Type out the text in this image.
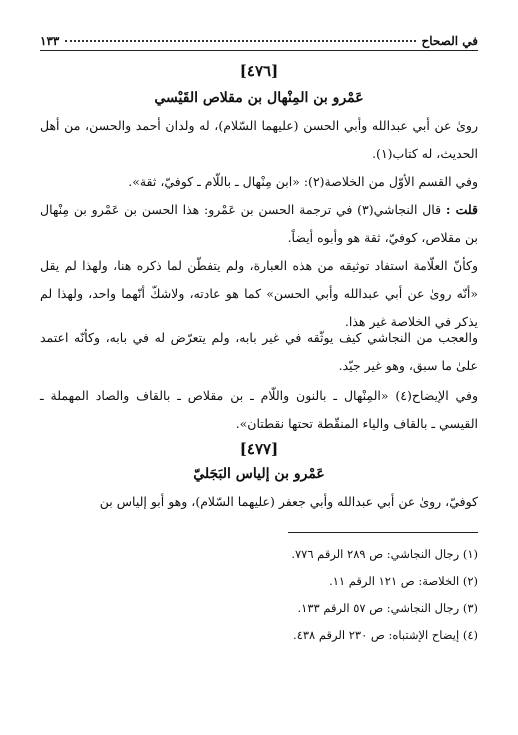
في الصحاح
١٣٣
[٤٧٦]
عَمْرو بن المِنْهال بن مقلاص القَيْسي
روىٰ عن أبي عبدالله وأبي الحسن (عليهما السّلام)، له ولدان أحمد والحسن، من أهل الحديث، له كتاب(١).
وفي القسم الأوّل من الخلاصة(٢): «ابن مِنْهال ـ باللّام ـ كوفيّ، ثقة».
قلت : قال النجاشي(٣) في ترجمة الحسن بن عَمْرو: هذا الحسن بن عَمْرو بن مِنْهال بن مقلاص، كوفيّ، ثقة هو وأبوه أيضاً.
وكأنّ العلّامة استفاد توثيقه من هذه العبارة، ولم يتفطّن لما ذكره هنا، ولهذا لم يقل «أنّه روىٰ عن أبي عبدالله وأبي الحسن» كما هو عادته، ولاشكّ أنّهما واحد، ولهذا لم يذكر في الخلاصة غير هذا.
والعجب من النجاشي كيف يوثّقه في غير بابه، ولم يتعرّض له في بابه، وكأنّه اعتمد علىٰ ما سبق، وهو غير جيّد.
وفي الإيضاح(٤) «المِنْهال ـ بالنون واللّام ـ بن مقلاص ـ بالقاف والصاد المهملة ـ القيسي ـ بالقاف والياء المنقّطة تحتها نقطتان».
[٤٧٧]
عَمْرو بن إلياس البَجَليّ
كوفيّ، روىٰ عن أبي عبدالله وأبي جعفر (عليهما السّلام)، وهو أبو إلياس بن
(١) رجال النجاشي: ص ٢٨٩ الرقم ٧٧٦.
(٢) الخلاصة: ص ١٢١ الرقم ١١.
(٣) رجال النجاشي: ص ٥٧ الرقم ١٣٣.
(٤) إيضاح الإشتباه: ص ٢٣٠ الرقم ٤٣٨.
